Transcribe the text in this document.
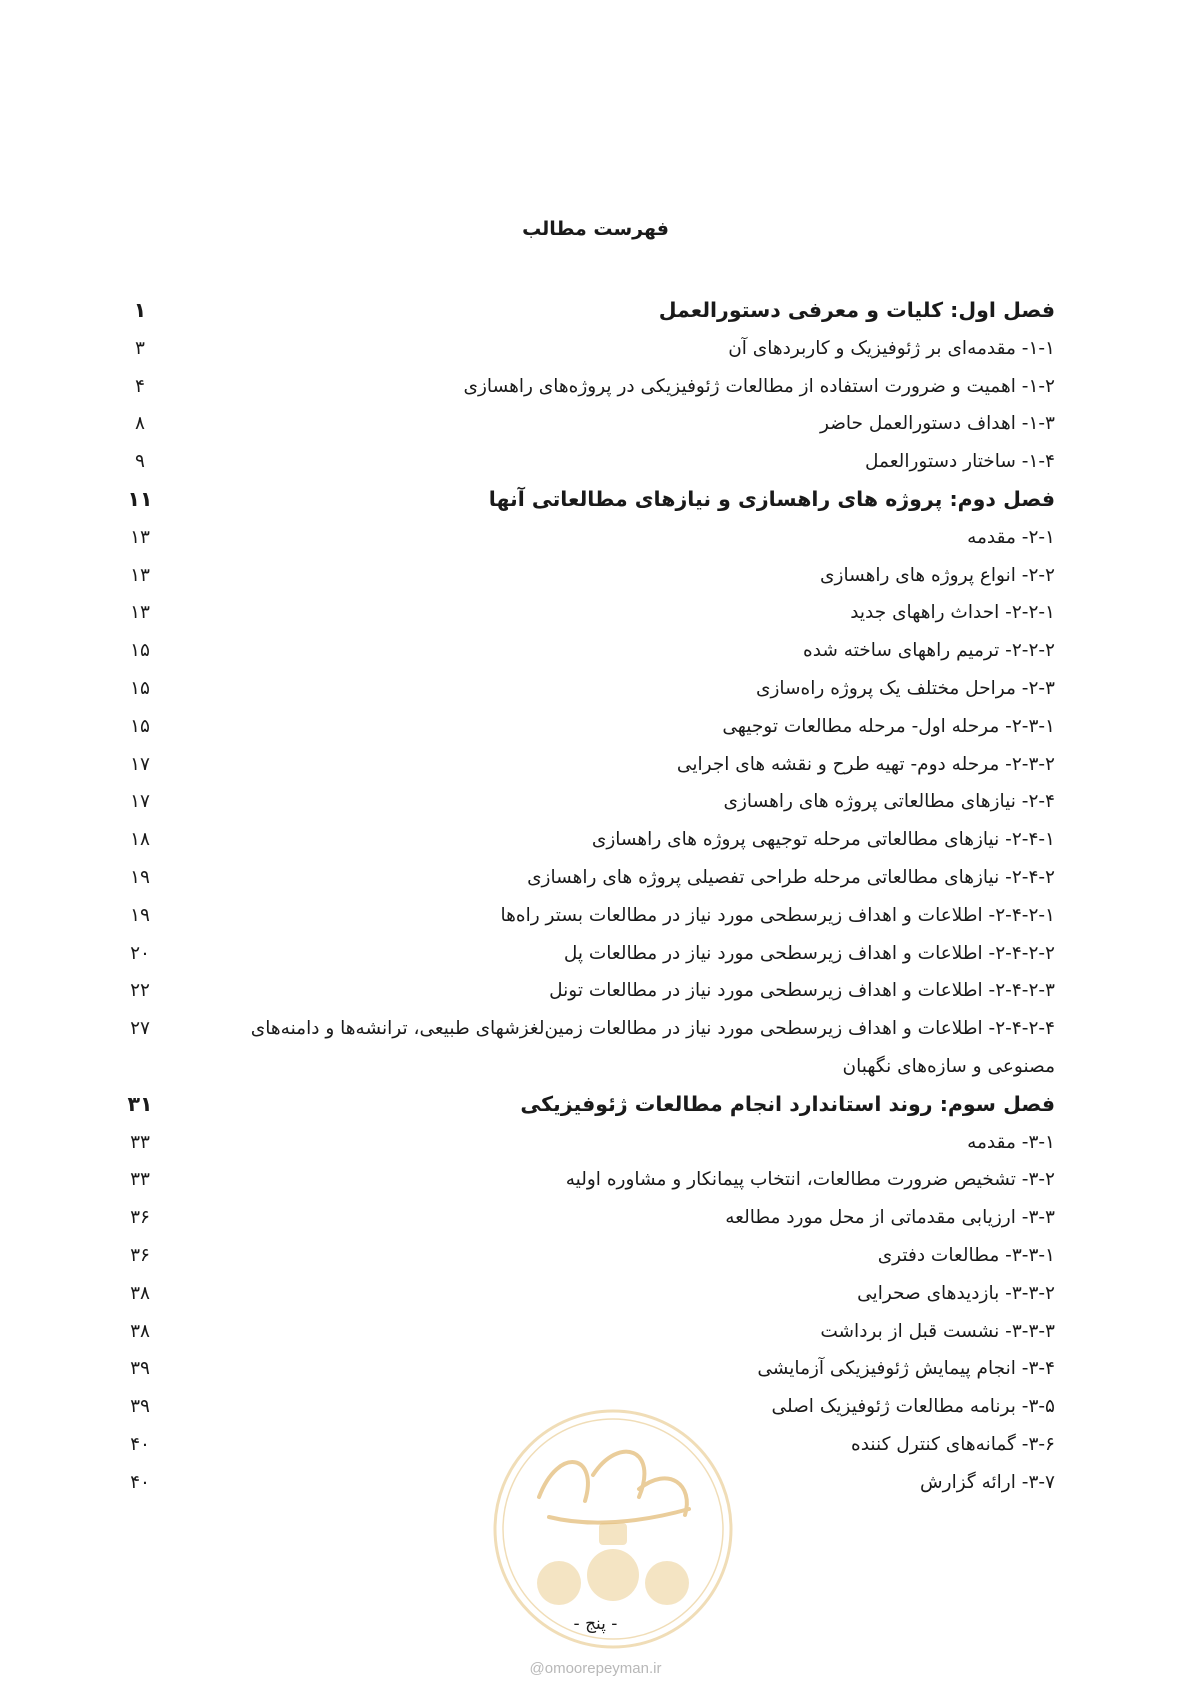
فهرست مطالب
فصل اول: کلیات و معرفی دستورالعمل
۱
۱-۱- مقدمه‌ای بر ژئوفیزیک و کاربردهای آن
۳
۱-۲- اهمیت و ضرورت استفاده از مطالعات ژئوفیزیکی در پروژه‌های راهسازی
۴
۱-۳- اهداف دستورالعمل حاضر
۸
۱-۴- ساختار دستورالعمل
۹
فصل دوم: پروژه های راهسازی و نیازهای مطالعاتی آنها
۱۱
۲-۱- مقدمه
۱۳
۲-۲- انواع پروژه های راهسازی
۱۳
۲-۲-۱- احداث راههای جدید
۱۳
۲-۲-۲- ترمیم راههای ساخته شده
۱۵
۲-۳- مراحل مختلف یک پروژه راه‌سازی
۱۵
۲-۳-۱- مرحله اول- مرحله مطالعات توجیهی
۱۵
۲-۳-۲- مرحله دوم- تهیه طرح و نقشه های اجرایی
۱۷
۲-۴- نیازهای مطالعاتی پروژه های راهسازی
۱۷
۲-۴-۱- نیازهای مطالعاتی مرحله توجیهی پروژه های راهسازی
۱۸
۲-۴-۲- نیازهای مطالعاتی مرحله طراحی تفصیلی پروژه های راهسازی
۱۹
۲-۴-۲-۱- اطلاعات و اهداف زیرسطحی مورد نیاز در مطالعات بستر راه‌ها
۱۹
۲-۴-۲-۲- اطلاعات و اهداف زیرسطحی مورد نیاز در مطالعات پل
۲۰
۲-۴-۲-۳- اطلاعات و اهداف زیرسطحی مورد نیاز در مطالعات تونل
۲۲
۲-۴-۲-۴- اطلاعات و اهداف زیرسطحی مورد نیاز در مطالعات زمین‌لغزشهای طبیعی، ترانشه‌ها و دامنه‌های مصنوعی و سازه‌های نگهبان
۲۷
فصل سوم: روند استاندارد انجام مطالعات ژئوفیزیکی
۳۱
۳-۱- مقدمه
۳۳
۳-۲- تشخیص ضرورت مطالعات، انتخاب پیمانکار و مشاوره اولیه
۳۳
۳-۳- ارزیابی مقدماتی از محل مورد مطالعه
۳۶
۳-۳-۱- مطالعات دفتری
۳۶
۳-۳-۲- بازدیدهای صحرایی
۳۸
۳-۳-۳- نشست قبل از برداشت
۳۸
۳-۴- انجام پیمایش ژئوفیزیکی آزمایشی
۳۹
۳-۵- برنامه مطالعات ژئوفیزیک اصلی
۳۹
۳-۶- گمانه‌های کنترل کننده
۴۰
۳-۷- ارائه گزارش
۴۰
- پنج -
@omoorepeyman.ir
